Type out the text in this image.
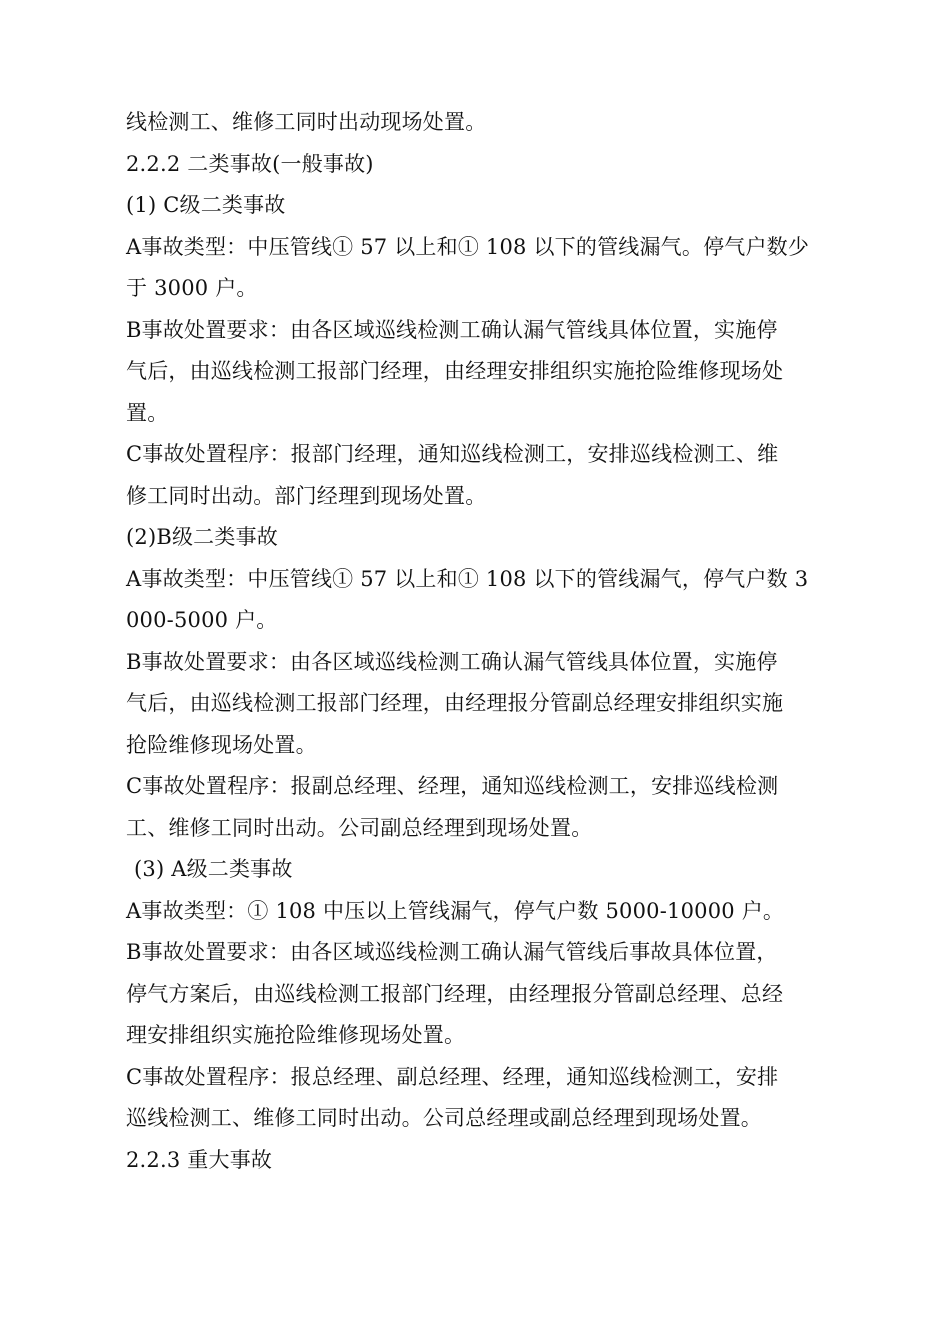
线检测工、维修工同时出动现场处置。
2.2.2 二类事故(一般事故)
(1) C级二类事故
A事故类型：中压管线① 57 以上和① 108 以下的管线漏气。停气户数少
于 3000 户。
B事故处置要求：由各区域巡线检测工确认漏气管线具体位置，实施停
气后，由巡线检测工报部门经理，由经理安排组织实施抢险维修现场处
置。
C事故处置程序：报部门经理，通知巡线检测工，安排巡线检测工、维
修工同时出动。部门经理到现场处置。
(2)B级二类事故
A事故类型：中压管线① 57 以上和① 108 以下的管线漏气，停气户数 3
000-5000 户。
B事故处置要求：由各区域巡线检测工确认漏气管线具体位置，实施停
气后，由巡线检测工报部门经理，由经理报分管副总经理安排组织实施
抢险维修现场处置。
C事故处置程序：报副总经理、经理，通知巡线检测工，安排巡线检测
工、维修工同时出动。公司副总经理到现场处置。
(3) A级二类事故
A事故类型：① 108 中压以上管线漏气，停气户数 5000-10000 户。
B事故处置要求：由各区域巡线检测工确认漏气管线后事故具体位置，
停气方案后，由巡线检测工报部门经理，由经理报分管副总经理、总经
理安排组织实施抢险维修现场处置。
C事故处置程序：报总经理、副总经理、经理，通知巡线检测工，安排
巡线检测工、维修工同时出动。公司总经理或副总经理到现场处置。
2.2.3 重大事故
